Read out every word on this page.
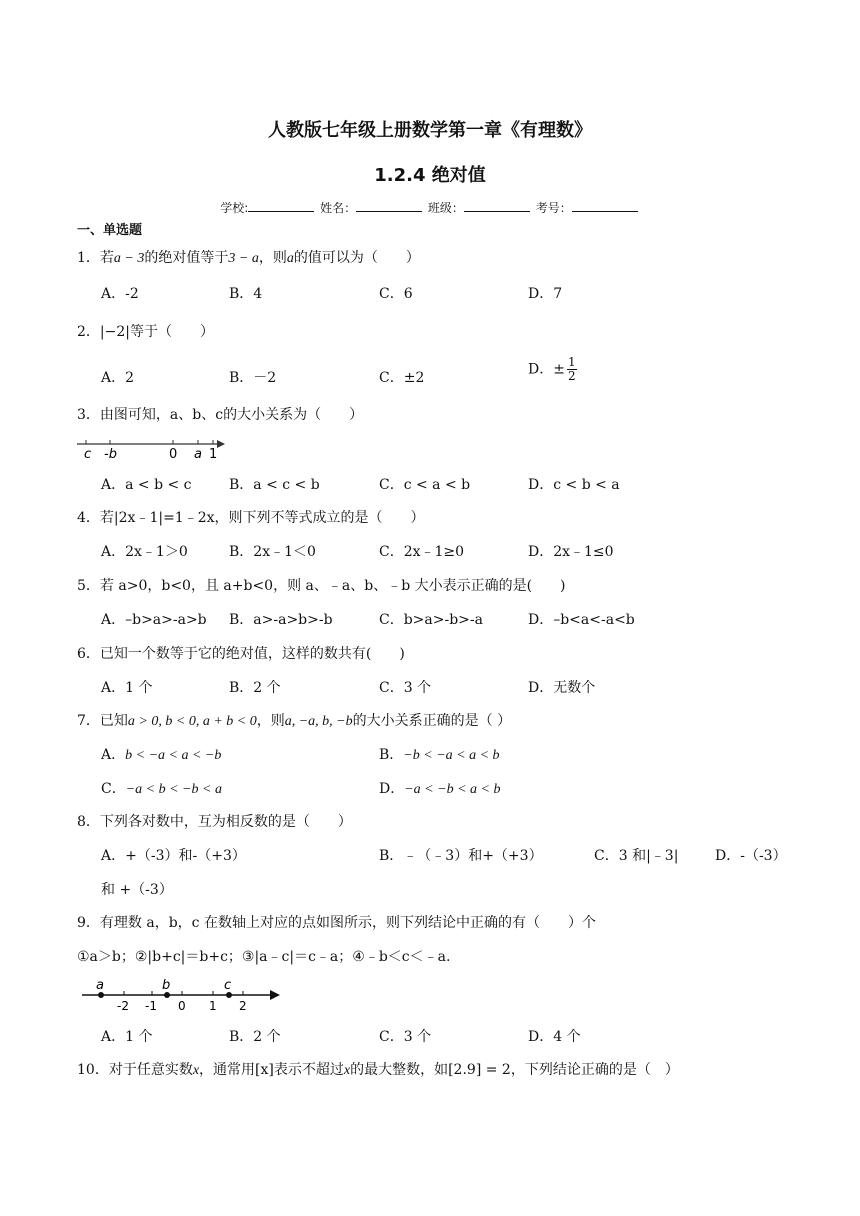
人教版七年级上册数学第一章《有理数》
1.2.4 绝对值
学校:	姓名：	班级：	考号：
一、单选题
1．若a − 3的绝对值等于3 − a，则a的值可以为（　　）
A．-2	B．4	C．6	D．7
2．|−2|等于（　　）
A．2	B．－2	C．±2
D．± $\frac{1}{2}$
3．由图可知，a、b、c的大小关系为（　　）
c -b	0 a 1
A．a < b < c	B．a < c < b	C．c < a < b	D．c < b < a
4．若|2x﹣1|=1﹣2x，则下列不等式成立的是（　　）
A．2x﹣1＞0	B．2x﹣1＜0	C．2x﹣1≥0	D．2x﹣1≤0
5．若 a>0，b<0，且 a+b<0，则 a、﹣a、b、﹣b 大小表示正确的是(　　)
A．–b>a>-a>b B．a>-a>b>-b	C．b>a>-b>-a	D．–b<a<-a<b
6．已知一个数等于它的绝对值，这样的数共有(　　)
A．1 个	B．2 个	C．3 个	D．无数个
7．已知a > 0, b < 0, a + b < 0，则a, −a, b, −b的大小关系正确的是（ ）
A．b < −a < a < −b	B．−b < −a < a < b
C．−a < b < −b < a	D．−a < −b < a < b
8．下列各对数中，互为相反数的是（　　）
A．+（-3）和-（+3）	B．﹣（﹣3）和+（+3）	C．3 和|﹣3|	D．-（-3）
和 +（-3）
9．有理数 a，b，c 在数轴上对应的点如图所示，则下列结论中正确的有（　　）个
①a＞b；②|b+c|＝b+c；③|a﹣c|＝c﹣a；④﹣b＜c＜﹣a.
a	b	c
-2 -1 0 1 2
A．1 个	B．2 个	C．3 个	D．4 个
10．对于任意实数x，通常用[x]表示不超过x的最大整数，如[2.9] = 2，下列结论正确的是（　）
